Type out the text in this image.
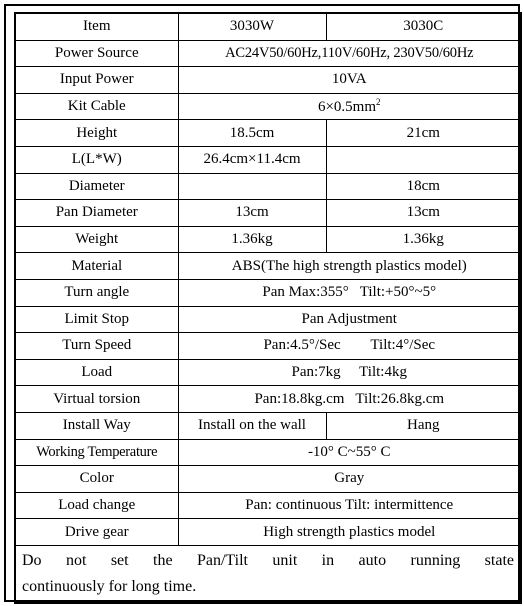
Item	3030W	3030C
Power Source	AC24V50/60Hz,110V/60Hz, 230V50/60Hz	
Input Power	10VA	
Kit Cable	$6\times 0.5mm^2$
Height	18.5cm	21cm
L(L*W)	26.4cm×11.4cm	
Diameter		18cm
Pan Diameter	13cm	13cm
Weight	1.36kg	1.36kg
Material	ABS(The high strength plastics model)	
Turn angle	Pan Max:355°   Tilt:+50°~5°	
Limit Stop	Pan Adjustment	
Turn Speed	Pan:4.5°/Sec        Tilt:4°/Sec	
Load	Pan:7kg     Tilt:4kg	
Virtual torsion	Pan:18.8kg.cm   Tilt:26.8kg.cm	
Install Way	Install on the wall	Hang
Working Temperature	-10° C~55° C	
Color	Gray	
Load change	Pan: continuous Tilt: intermittence	
Drive gear	High strength plastics model	

Do not set the Pan/Tilt unit in auto running state
continuously for long time.		
